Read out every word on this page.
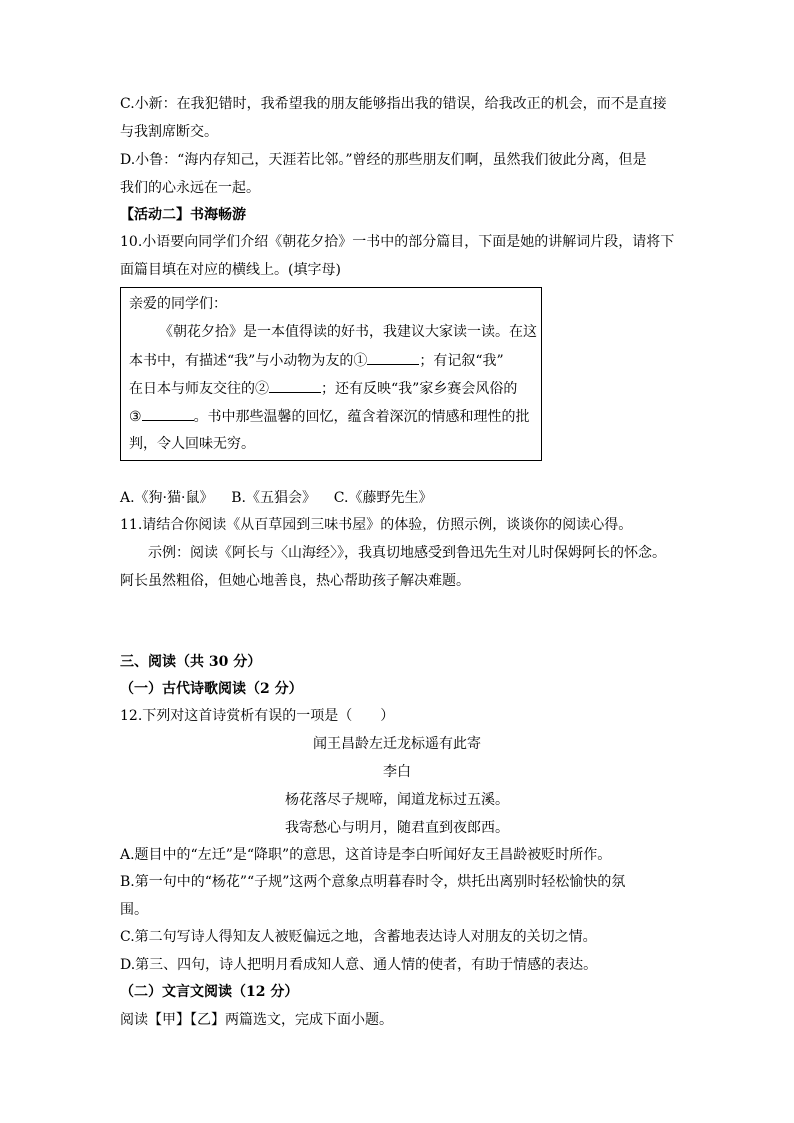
C.小新：在我犯错时，我希望我的朋友能够指出我的错误，给我改正的机会，而不是直接
与我割席断交。
D.小鲁：“海内存知己，天涯若比邻。”曾经的那些朋友们啊，虽然我们彼此分离，但是
我们的心永远在一起。
【活动二】书海畅游
10.小语要向同学们介绍《朝花夕拾》一书中的部分篇目，下面是她的讲解词片段，请将下
面篇目填在对应的横线上。(填字母)
亲爱的同学们：
《朝花夕拾》是一本值得读的好书，我建议大家读一读。在这
本书中，有描述“我”与小动物为友的①	；有记叙“我”
在日本与师友交往的②	；还有反映“我”家乡赛会风俗的
③	。书中那些温馨的回忆，蕴含着深沉的情感和理性的批
判，令人回味无穷。
A.《狗·猫·鼠》    B.《五猖会》    C.《藤野先生》
11.请结合你阅读《从百草园到三味书屋》的体验，仿照示例，谈谈你的阅读心得。
示例：阅读《阿长与〈山海经〉》，我真切地感受到鲁迅先生对儿时保姆阿长的怀念。
阿长虽然粗俗，但她心地善良，热心帮助孩子解决难题。
三、阅读（共 30 分）
（一）古代诗歌阅读（2 分）
12.下列对这首诗赏析有误的一项是（　　）
闻王昌龄左迁龙标遥有此寄
李白
杨花落尽子规啼，闻道龙标过五溪。
我寄愁心与明月，随君直到夜郎西。
A.题目中的“左迁”是“降职”的意思，这首诗是李白听闻好友王昌龄被贬时所作。
B.第一句中的“杨花”“子规”这两个意象点明暮春时令，烘托出离别时轻松愉快的氛
围。
C.第二句写诗人得知友人被贬偏远之地，含蓄地表达诗人对朋友的关切之情。
D.第三、四句，诗人把明月看成知人意、通人情的使者，有助于情感的表达。
（二）文言文阅读（12 分）
阅读【甲】【乙】两篇选文，完成下面小题。
